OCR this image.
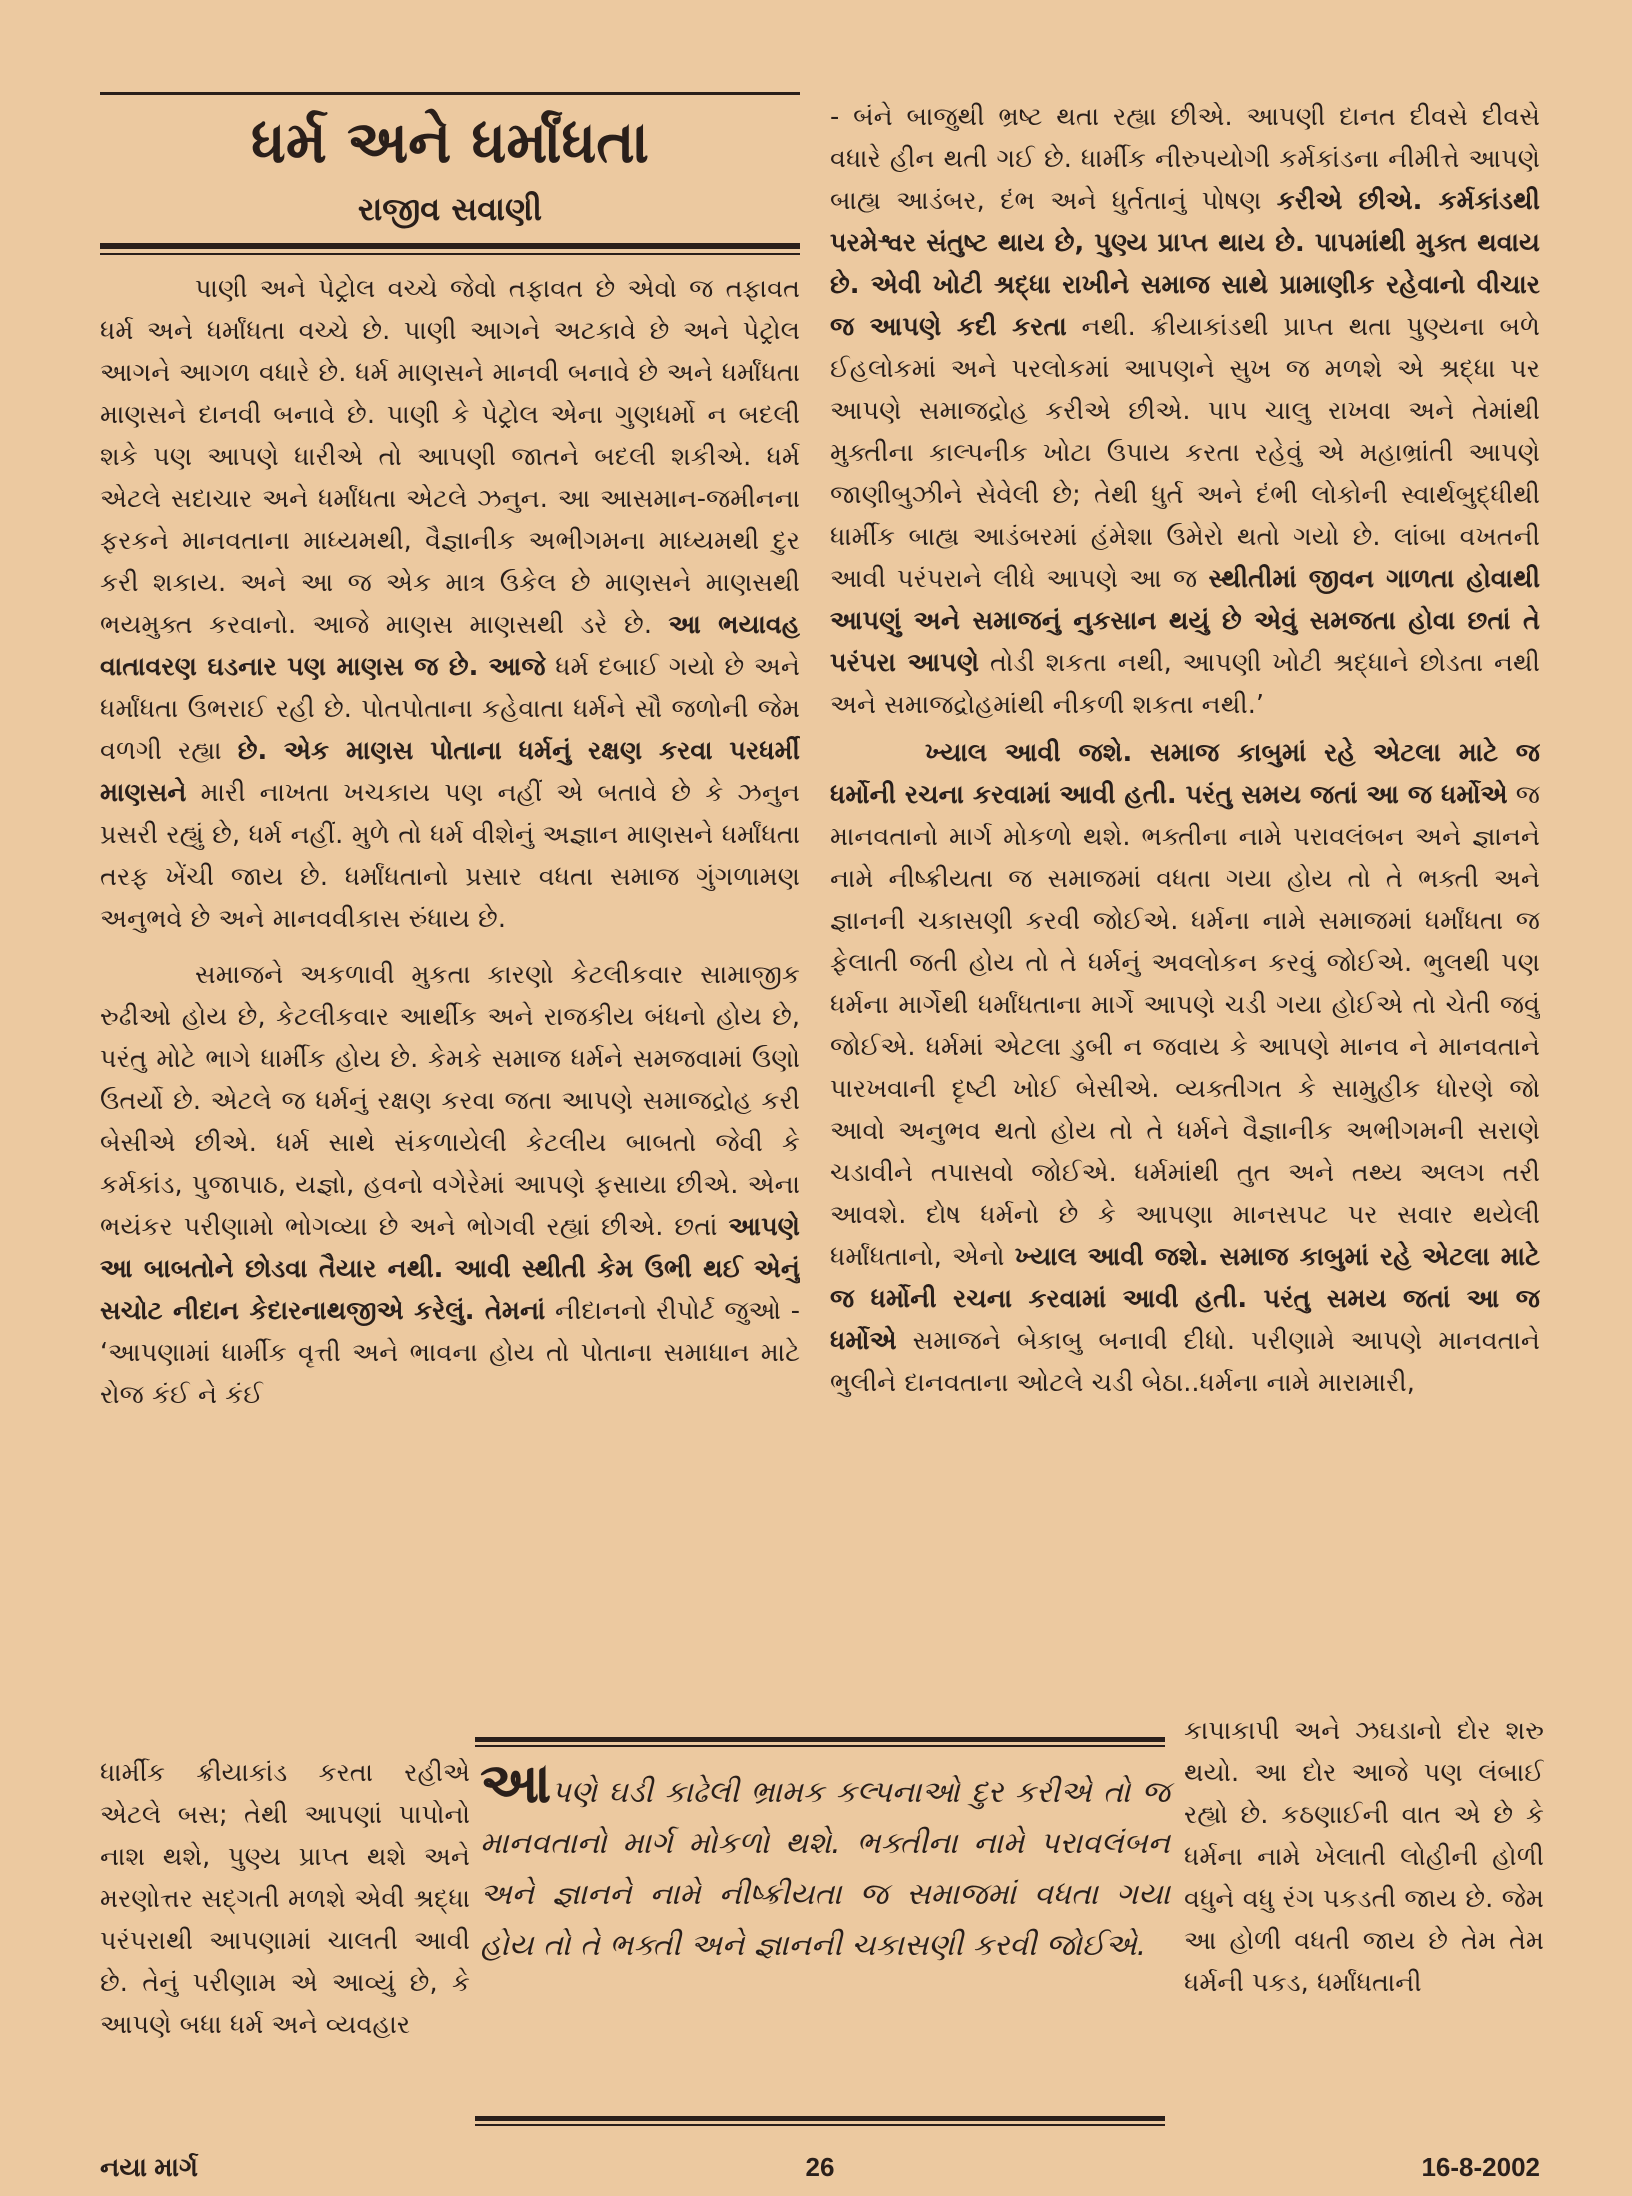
ધર્મ અને ધર્માંધતા
રાજીવ સવાણી

પાણી અને પેટ્રોલ વચ્ચે જેવો તફાવત છે એવો જ તફાવત ધર્મ અને ધર્માંધતા વચ્ચે છે. પાણી આગને અટકાવે છે અને પેટ્રોલ આગને આગળ વધારે છે. ધર્મ માણસને માનવી બનાવે છે અને ધર્માંધતા માણસને દાનવી બનાવે છે. પાણી કે પેટ્રોલ એના ગુણધર્મો ન બદલી શકે પણ આપણે ધારીએ તો આપણી જાતને બદલી શકીએ. ધર્મ એટલે સદાચાર અને ધર્માંધતા એટલે ઝનુન. આ આસમાન-જમીનના ફરકને માનવતાના માધ્યમથી, વૈજ્ઞાનીક અભીગમના માધ્યમથી દુર કરી શકાય. અને આ જ એક માત્ર ઉકેલ છે માણસને માણસથી ભયમુક્ત કરવાનો. આજે માણસ માણસથી ડરે છે. આ ભયાવહ વાતાવરણ ઘડનાર પણ માણસ જ છે. આજે ધર્મ દબાઈ ગયો છે અને ધર્માંધતા ઉભરાઈ રહી છે. પોતપોતાના કહેવાતા ધર્મને સૌ જળોની જેમ વળગી રહ્યા છે. એક માણસ પોતાના ધર્મનું રક્ષણ કરવા પરધર્મી માણસને મારી નાખતા ખચકાય પણ નહીં એ બતાવે છે કે ઝનુન પ્રસરી રહ્યું છે, ધર્મ નહીં. મુળે તો ધર્મ વીશેનું અજ્ઞાન માણસને ધર્માંધતા તરફ ખેંચી જાય છે. ધર્માંધતાનો પ્રસાર વધતા સમાજ ગુંગળામણ અનુભવે છે અને માનવવીકાસ રુંધાય છે.

સમાજને અકળાવી મુકતા કારણો કેટલીકવાર સામાજીક રુઢીઓ હોય છે, કેટલીકવાર આર્થીક અને રાજકીય બંધનો હોય છે, પરંતુ મોટે ભાગે ધાર્મીક હોય છે. કેમકે સમાજ ધર્મને સમજવામાં ઉણો ઉતર્યો છે. એટલે જ ધર્મનું રક્ષણ કરવા જતા આપણે સમાજદ્રોહ કરી બેસીએ છીએ. ધર્મ સાથે સંકળાયેલી કેટલીય બાબતો જેવી કે કર્મકાંડ, પુજાપાઠ, યજ્ઞો, હવનો વગેરેમાં આપણે ફસાયા છીએ. એના ભયંકર પરીણામો ભોગવ્યા છે અને ભોગવી રહ્યાં છીએ. છતાં આપણે આ બાબતોને છોડવા તૈયાર નથી. આવી સ્થીતી કેમ ઉભી થઈ એનું સચોટ નીદાન કેદારનાથજીએ કરેલું. તેમનાં નીદાનનો રીપોર્ટ જુઓ - ‘આપણામાં ધાર્મીક વૃત્તી અને ભાવના હોય તો પોતાના સમાધાન માટે રોજ કંઈ ને કંઈ

ધાર્મીક ક્રીયાકાંડ કરતા રહીએ એટલે બસ; તેથી આપણાં પાપોનો નાશ થશે, પુણ્ય પ્રાપ્ત થશે અને મરણોત્તર સદ્ગતી મળશે એવી શ્રદ્ધા પરંપરાથી આપણામાં ચાલતી આવી છે. તેનું પરીણામ એ આવ્યું છે, કે આપણે બધા ધર્મ અને વ્યવહાર

- બંને બાજુથી ભ્રષ્ટ થતા રહ્યા છીએ. આપણી દાનત દીવસે દીવસે વધારે હીન થતી ગઈ છે. ધાર્મીક નીરુપયોગી કર્મકાંડના નીમીત્તે આપણે બાહ્ય આડંબર, દંભ અને ધુર્તતાનું પોષણ કરીએ છીએ. કર્મકાંડથી પરમેશ્વર સંતુષ્ટ થાય છે, પુણ્ય પ્રાપ્ત થાય છે. પાપમાંથી મુક્ત થવાય છે. એવી ખોટી શ્રદ્ધા રાખીને સમાજ સાથે પ્રામાણીક રહેવાનો વીચાર જ આપણે કદી કરતા નથી. ક્રીયાકાંડથી પ્રાપ્ત થતા પુણ્યના બળે ઈહલોકમાં અને પરલોકમાં આપણને સુખ જ મળશે એ શ્રદ્ધા પર આપણે સમાજદ્રોહ કરીએ છીએ. પાપ ચાલુ રાખવા અને તેમાંથી મુક્તીના કાલ્પનીક ખોટા ઉપાય કરતા રહેવું એ મહાભ્રાંતી આપણે જાણીબુઝીને સેવેલી છે; તેથી ધુર્ત અને દંભી લોકોની સ્વાર્થબુદ્ધીથી ધાર્મીક બાહ્ય આડંબરમાં હંમેશા ઉમેરો થતો ગયો છે. લાંબા વખતની આવી પરંપરાને લીધે આપણે આ જ સ્થીતીમાં જીવન ગાળતા હોવાથી આપણું અને સમાજનું નુકસાન થયું છે એવું સમજતા હોવા છતાં તે પરંપરા આપણે તોડી શકતા નથી, આપણી ખોટી શ્રદ્ધાને છોડતા નથી અને સમાજદ્રોહમાંથી નીકળી શકતા નથી.’

ખ્યાલ આવી જશે. સમાજ કાબુમાં રહે એટલા માટે જ ધર્મોની રચના કરવામાં આવી હતી. પરંતુ સમય જતાં આ જ ધર્મોએ જ માનવતાનો માર્ગ મોકળો થશે. ભક્તીના નામે પરાવલંબન અને જ્ઞાનને નામે નીષ્ક્રીયતા જ સમાજમાં વધતા ગયા હોય તો તે ભક્તી અને જ્ઞાનની ચકાસણી કરવી જોઈએ. ધર્મના નામે સમાજમાં ધર્માંધતા જ ફેલાતી જતી હોય તો તે ધર્મનું અવલોકન કરવું જોઈએ. ભુલથી પણ ધર્મના માર્ગેથી ધર્માંધતાના માર્ગે આપણે ચડી ગયા હોઈએ તો ચેતી જવું જોઈએ. ધર્મમાં એટલા ડુબી ન જવાય કે આપણે માનવ ને માનવતાને પારખવાની દૃષ્ટી ખોઈ બેસીએ. વ્યક્તીગત કે સામુહીક ધોરણે જો આવો અનુભવ થતો હોય તો તે ધર્મને વૈજ્ઞાનીક અભીગમની સરાણે ચડાવીને તપાસવો જોઈએ. ધર્મમાંથી તુત અને તથ્ય અલગ તરી આવશે. દોષ ધર્મનો છે કે આપણા માનસપટ પર સવાર થયેલી ધર્માંધતાનો, એનો ખ્યાલ આવી જશે. સમાજ કાબુમાં રહે એટલા માટે જ ધર્મોની રચના કરવામાં આવી હતી. પરંતુ સમય જતાં આ જ ધર્મોએ સમાજને બેકાબુ બનાવી દીધો. પરીણામે આપણે માનવતાને ભુલીને દાનવતાના ઓટલે ચડી બેઠા..ધર્મના નામે મારામારી,

કાપાકાપી અને ઝઘડાનો દોર શરુ થયો. આ દોર આજે પણ લંબાઈ રહ્યો છે. કઠણાઈની વાત એ છે કે ધર્મના નામે ખેલાતી લોહીની હોળી વધુને વધુ રંગ પકડતી જાય છે. જેમ આ હોળી વધતી જાય છે તેમ તેમ ધર્મની પકડ, ધર્માંધતાની

આપણે ઘડી કાઢેલી ભ્રામક કલ્પનાઓ દુર કરીએ તો જ માનવતાનો માર્ગ મોકળો થશે. ભક્તીના નામે પરાવલંબન અને જ્ઞાનને નામે નીષ્ક્રીયતા જ સમાજમાં વધતા ગયા હોય તો તે ભક્તી અને જ્ઞાનની ચકાસણી કરવી જોઈએ.

નયા માર્ગ	26	16-8-2002
